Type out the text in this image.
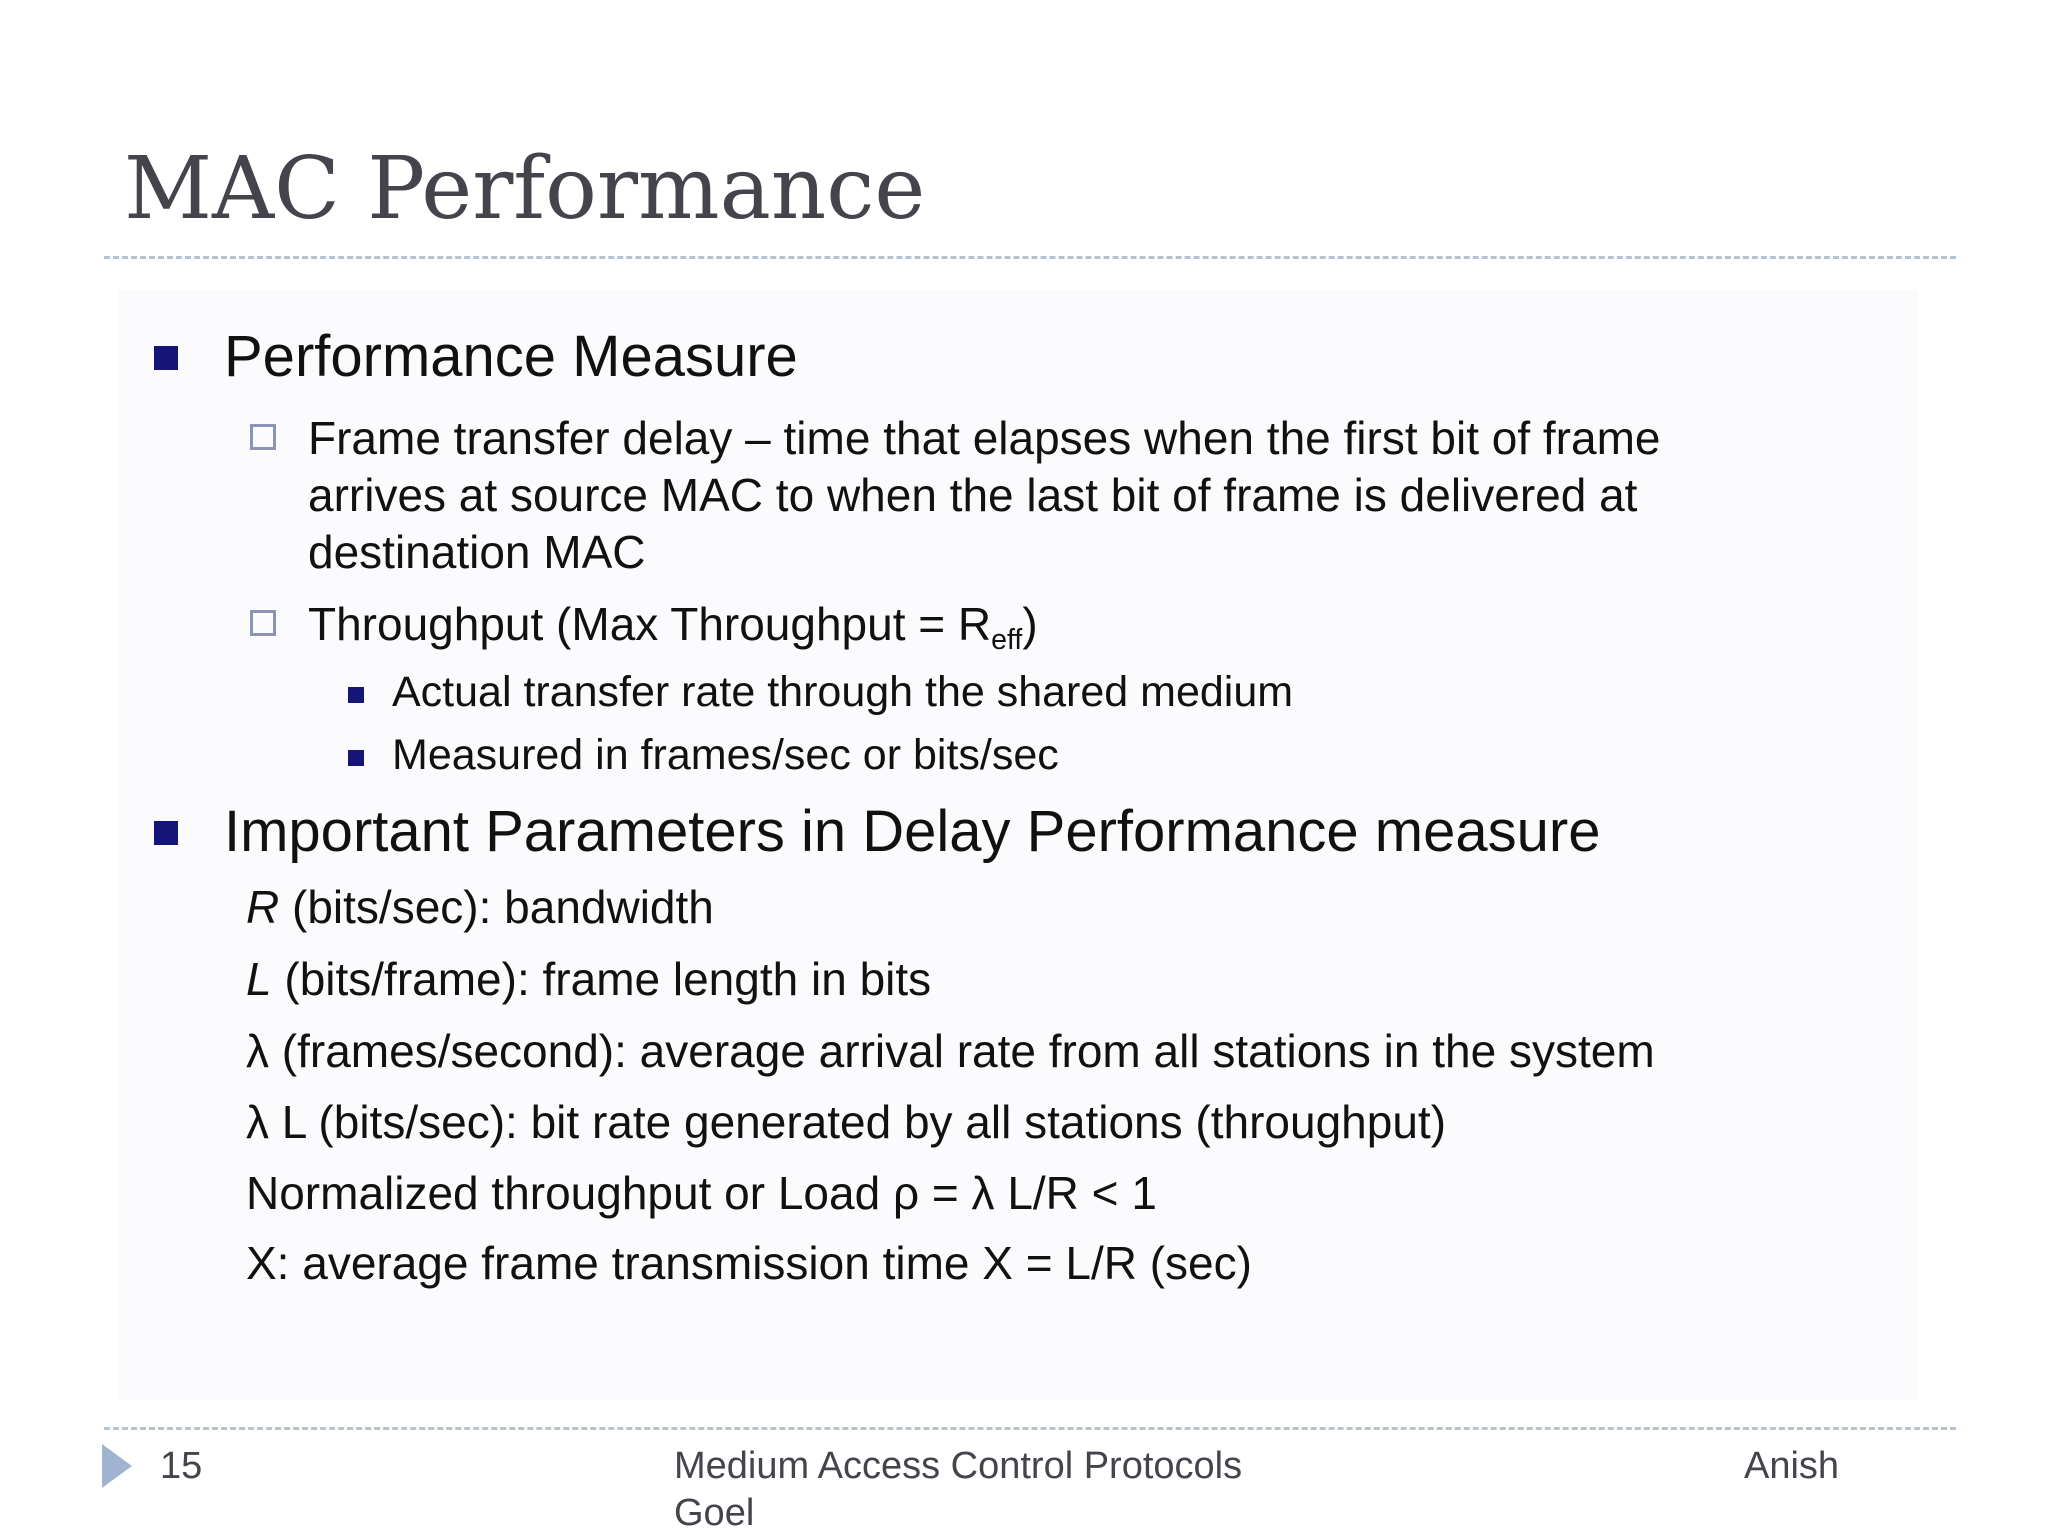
MAC Performance
Performance Measure
Frame transfer delay – time that elapses when the first bit of frame
arrives at source MAC to when the last bit of frame is delivered at
destination MAC
Throughput (Max Throughput = $R_{eff}$)
Actual transfer rate through the shared medium
Measured in frames/sec or bits/sec
Important Parameters in Delay Performance measure
R (bits/sec): bandwidth
L (bits/frame): frame length in bits
λ (frames/second): average arrival rate from all stations in the system
λ L (bits/sec): bit rate generated by all stations (throughput)
Normalized throughput or Load ρ = λ L/R < 1
X: average frame transmission time X = L/R (sec)
15	Medium Access Control Protocols	Anish
Goel
